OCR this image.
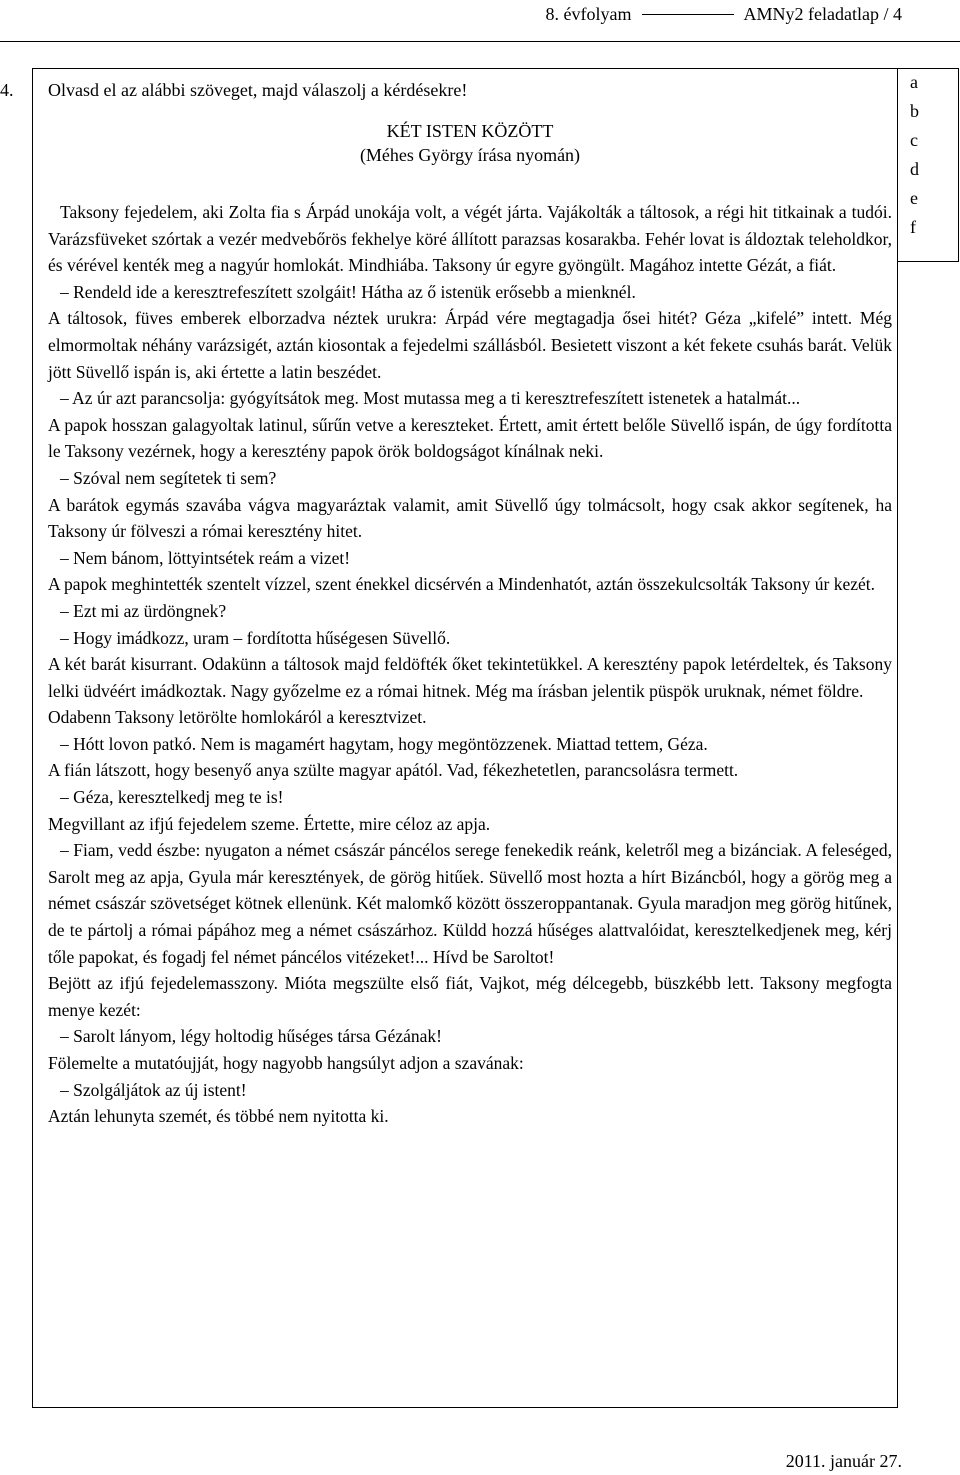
8. évfolyam	AMNy2 feladatlap / 4
4. Olvasd el az alábbi szöveget, majd válaszolj a kérdésekre!
KÉT ISTEN KÖZÖTT
(Méhes György írása nyomán)
a
b
c
d
e
f

Taksony fejedelem, aki Zolta fia s Árpád unokája volt, a végét járta. Vajákolták a táltosok, a régi hit titkainak a tudói. Varázsfüveket szórtak a vezér medvebőrös fekhelye köré állított parazsas kosarakba. Fehér lovat is áldoztak teleholdkor, és vérével kenték meg a nagyúr homlokát. Mindhiába. Taksony úr egyre gyöngült. Magához intette Gézát, a fiát.

– Rendeld ide a keresztrefeszített szolgáit! Hátha az ő istenük erősebb a mienknél.

A táltosok, füves emberek elborzadva néztek urukra: Árpád vére megtagadja ősei hitét? Géza „kifelé” intett. Még elmormoltak néhány varázsigét, aztán kiosontak a fejedelmi szállásból. Besietett viszont a két fekete csuhás barát. Velük jött Süvellő ispán is, aki értette a latin beszédet.

– Az úr azt parancsolja: gyógyítsátok meg. Most mutassa meg a ti keresztrefeszített istenetek a hatalmát...

A papok hosszan galagyoltak latinul, sűrűn vetve a kereszteket. Értett, amit értett belőle Süvellő ispán, de úgy fordította le Taksony vezérnek, hogy a keresztény papok örök boldogságot kínálnak neki.

– Szóval nem segítetek ti sem?

A barátok egymás szavába vágva magyaráztak valamit, amit Süvellő úgy tolmácsolt, hogy csak akkor segítenek, ha Taksony úr fölveszi a római keresztény hitet.

– Nem bánom, löttyintsétek reám a vizet!

A papok meghintették szentelt vízzel, szent énekkel dicsérvén a Mindenhatót, aztán összekulcsolták Taksony úr kezét.

– Ezt mi az ürdöngnek?

– Hogy imádkozz, uram – fordította hűségesen Süvellő.

A két barát kisurrant. Odakünn a táltosok majd feldöfték őket tekintetükkel. A keresztény papok letérdeltek, és Taksony lelki üdvéért imádkoztak. Nagy győzelme ez a római hitnek. Még ma írásban jelentik püspök uruknak, német földre.

Odabenn Taksony letörölte homlokáról a keresztvizet.

– Hótt lovon patkó. Nem is magamért hagytam, hogy megöntözzenek. Miattad tettem, Géza.

A fián látszott, hogy besenyő anya szülte magyar apától. Vad, fékezhetetlen, parancsolásra termett.

– Géza, keresztelkedj meg te is!

Megvillant az ifjú fejedelem szeme. Értette, mire céloz az apja.

– Fiam, vedd észbe: nyugaton a német császár páncélos serege fenekedik reánk, keletről meg a bizánciak. A feleséged, Sarolt meg az apja, Gyula már keresztények, de görög hitűek. Süvellő most hozta a hírt Bizáncból, hogy a görög meg a német császár szövetséget kötnek ellenünk. Két malomkő között összeroppantanak. Gyula maradjon meg görög hitűnek, de te pártolj a római pápához meg a német császárhoz. Küldd hozzá hűséges alattvalóidat, keresztelkedjenek meg, kérj tőle papokat, és fogadj fel német páncélos vitézeket!... Hívd be Saroltot!

Bejött az ifjú fejedelemasszony. Mióta megszülte első fiát, Vajkot, még délcegebb, büszkébb lett. Taksony megfogta menye kezét:

– Sarolt lányom, légy holtodig hűséges társa Gézának!

Fölemelte a mutatóujját, hogy nagyobb hangsúlyt adjon a szavának:

– Szolgáljátok az új istent!

Aztán lehunyta szemét, és többé nem nyitotta ki.

2011. január 27.
